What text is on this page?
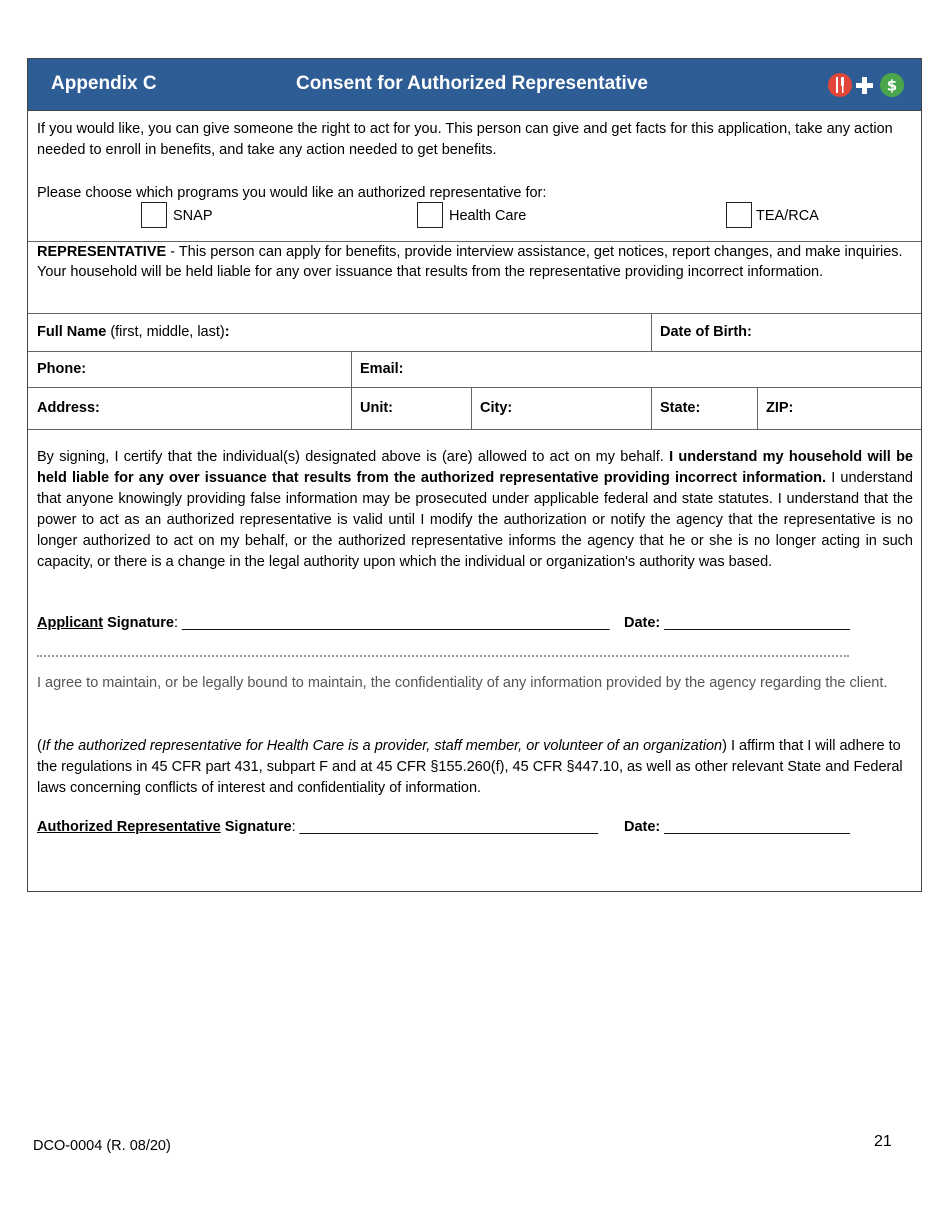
Appendix C	Consent for Authorized Representative	$
If you would like, you can give someone the right to act for you. This person can give and get facts for this application, take any action needed to enroll in benefits, and take any action needed to get benefits.
Please choose which programs you would like an authorized representative for:
SNAP	Health Care	TEA/RCA
REPRESENTATIVE - This person can apply for benefits, provide interview assistance, get notices, report changes, and make inquiries. Your household will be held liable for any over issuance that results from the representative providing incorrect information.
Full Name (first, middle, last):	Date of Birth:
Phone:	Email:
Address:	Unit:	City:	State:	ZIP:
By signing, I certify that the individual(s) designated above is (are) allowed to act on my behalf. I understand my household will be held liable for any over issuance that results from the authorized representative providing incorrect information. I understand that anyone knowingly providing false information may be prosecuted under applicable federal and state statutes. I understand that the power to act as an authorized representative is valid until I modify the authorization or notify the agency that the representative is no longer authorized to act on my behalf, or the authorized representative informs the agency that he or she is no longer acting in such capacity, or there is a change in the legal authority upon which the individual or organization's authority was based.
Applicant Signature: _____________________________________________________ Date: _______________________
I agree to maintain, or be legally bound to maintain, the confidentiality of any information provided by the agency regarding the client.
(If the authorized representative for Health Care is a provider, staff member, or volunteer of an organization) I affirm that I will adhere to the regulations in 45 CFR part 431, subpart F and at 45 CFR §155.260(f), 45 CFR §447.10, as well as other relevant State and Federal laws concerning conflicts of interest and confidentiality of information.
Authorized Representative Signature: _____________________________________ Date: _______________________
DCO-0004 (R. 08/20)	21
